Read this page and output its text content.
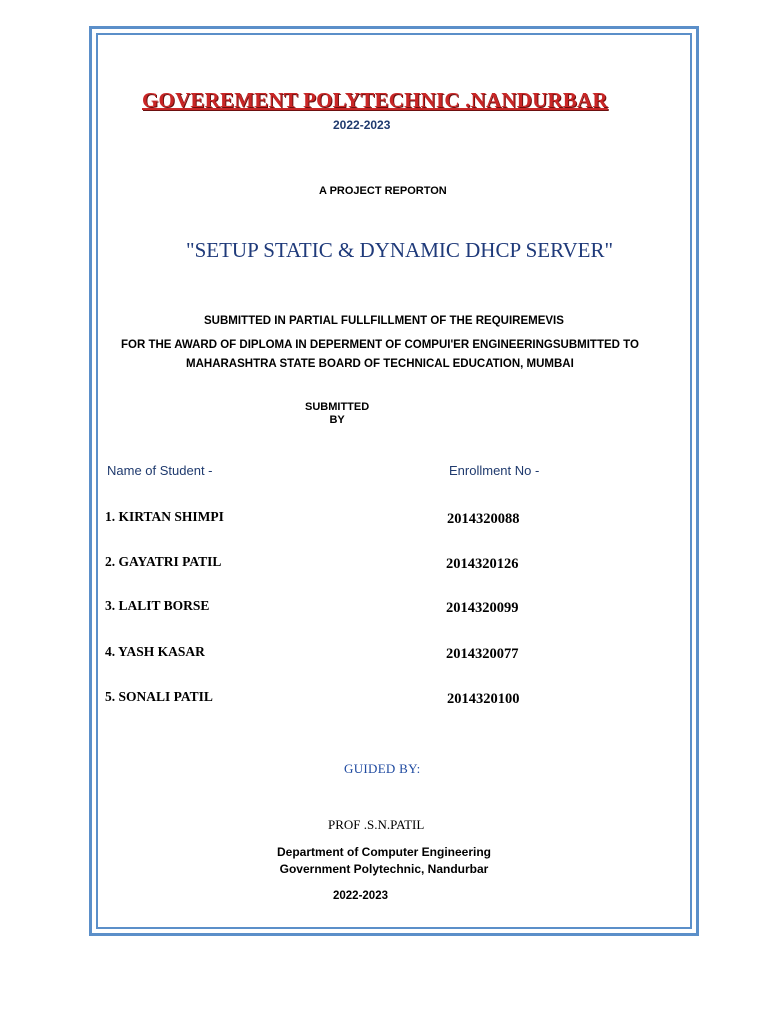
GOVEREMENT POLYTECHNIC .NANDURBAR
2022-2023
A PROJECT REPORTON
"SETUP STATIC & DYNAMIC DHCP SERVER"
SUBMITTED IN PARTIAL FULLFILLMENT OF THE REQUIREMEVIS
FOR THE AWARD OF DIPLOMA IN DEPERMENT OF COMPUI'ER ENGINEERINGSUBMITTED TO
MAHARASHTRA STATE BOARD OF TECHNICAL EDUCATION, MUMBAI
SUBMITTED
BY
Name of Student -	Enrollment No -
1. KIRTAN SHIMPI	2014320088
2. GAYATRI PATIL	2014320126
3. LALIT BORSE	2014320099
4. YASH KASAR	2014320077
5. SONALI PATIL	2014320100
GUIDED BY:
PROF .S.N.PATIL
Department of Computer Engineering
Government Polytechnic, Nandurbar
2022-2023
